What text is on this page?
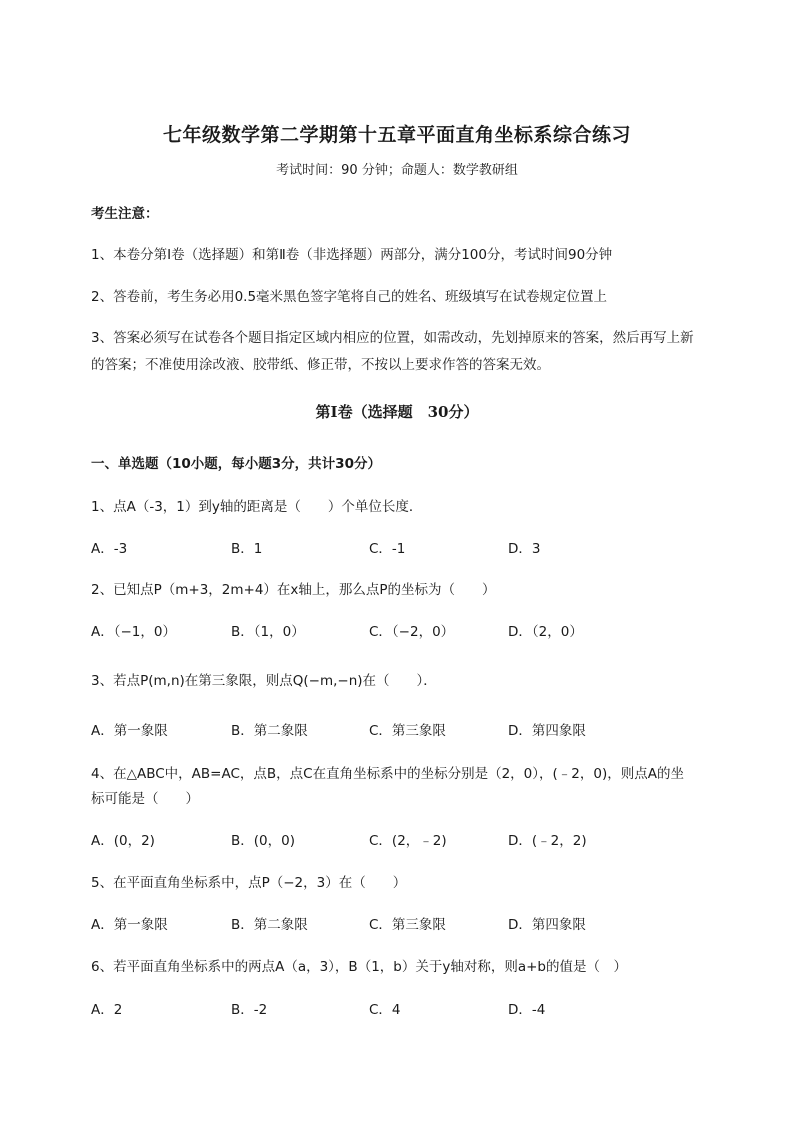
七年级数学第二学期第十五章平面直角坐标系综合练习
考试时间：90 分钟；命题人：数学教研组
考生注意：
1、本卷分第Ⅰ卷（选择题）和第Ⅱ卷（非选择题）两部分，满分100分，考试时间90分钟
2、答卷前，考生务必用0.5毫米黑色签字笔将自己的姓名、班级填写在试卷规定位置上
3、答案必须写在试卷各个题目指定区域内相应的位置，如需改动，先划掉原来的答案，然后再写上新
的答案；不准使用涂改液、胶带纸、修正带，不按以上要求作答的答案无效。
第Ⅰ卷（选择题　30分）
一、单选题（10小题，每小题3分，共计30分）
1、点A（-3，1）到y轴的距离是（　　）个单位长度．
A．-3	B．1	C．-1	D．3
2、已知点P（m+3，2m+4）在x轴上，那么点P的坐标为（　　）
A．（−1，0）	B．（1，0）	C．（−2，0）	D．（2，0）
3、若点P(m,n)在第三象限，则点Q(−m,−n)在（　　）．
A．第一象限	B．第二象限	C．第三象限	D．第四象限
4、在△ABC中，AB=AC，点B，点C在直角坐标系中的坐标分别是（2，0），(﹣2，0)，则点A的坐
标可能是（　　）
A．(0，2)	B．(0，0)	C．(2，﹣2)	D．(﹣2，2)
5、在平面直角坐标系中，点P（−2，3）在（　　）
A．第一象限	B．第二象限	C．第三象限	D．第四象限
6、若平面直角坐标系中的两点A（a，3），B（1，b）关于y轴对称，则a+b的值是（　）
A．2	B．-2	C．4	D．-4
